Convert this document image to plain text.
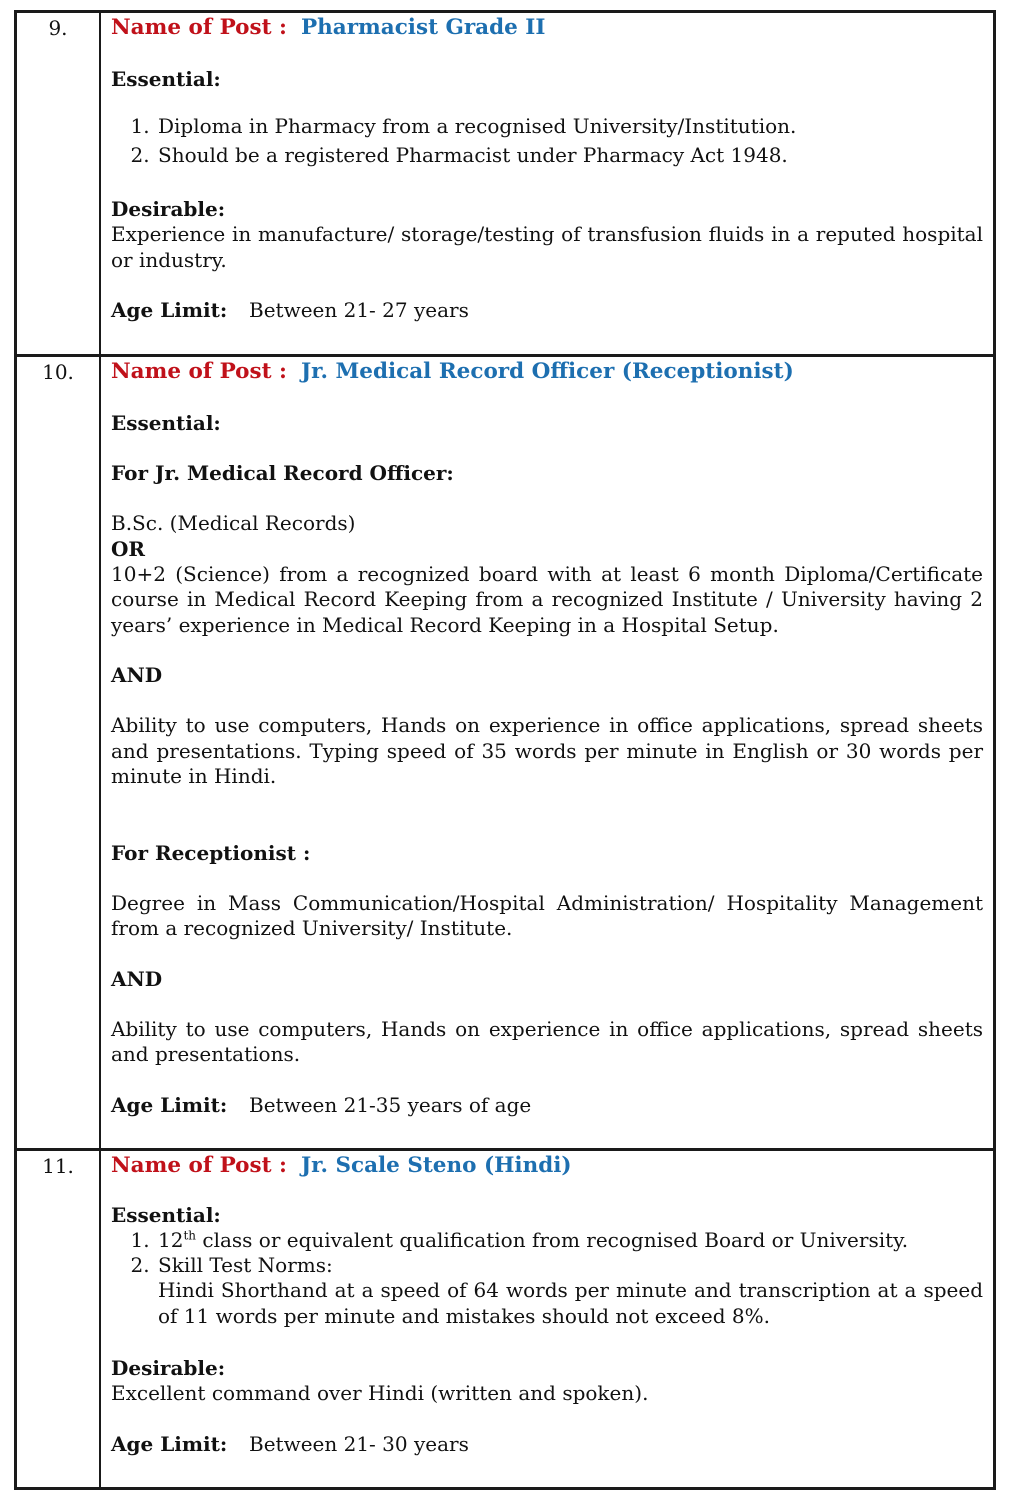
9.	Name of Post : Pharmacist Grade II
Essential:
1. Diploma in Pharmacy from a recognised University/Institution.
2. Should be a registered Pharmacist under Pharmacy Act 1948.
Desirable:
Experience in manufacture/ storage/testing of transfusion fluids in a reputed hospital or industry.
Age Limit: Between 21- 27 years
10.	Name of Post : Jr. Medical Record Officer (Receptionist)
Essential:
For Jr. Medical Record Officer:
B.Sc. (Medical Records)
OR
10+2 (Science) from a recognized board with at least 6 month Diploma/Certificate course in Medical Record Keeping from a recognized Institute / University having 2 years’ experience in Medical Record Keeping in a Hospital Setup.
AND
Ability to use computers, Hands on experience in office applications, spread sheets and presentations. Typing speed of 35 words per minute in English or 30 words per minute in Hindi.
For Receptionist :
Degree in Mass Communication/Hospital Administration/ Hospitality Management from a recognized University/ Institute.
AND
Ability to use computers, Hands on experience in office applications, spread sheets and presentations.
Age Limit: Between 21-35 years of age
11.	Name of Post : Jr. Scale Steno (Hindi)
Essential:
1. 12th class or equivalent qualification from recognised Board or University.
2. Skill Test Norms:
Hindi Shorthand at a speed of 64 words per minute and transcription at a speed of 11 words per minute and mistakes should not exceed 8%.
Desirable:
Excellent command over Hindi (written and spoken).
Age Limit: Between 21- 30 years
